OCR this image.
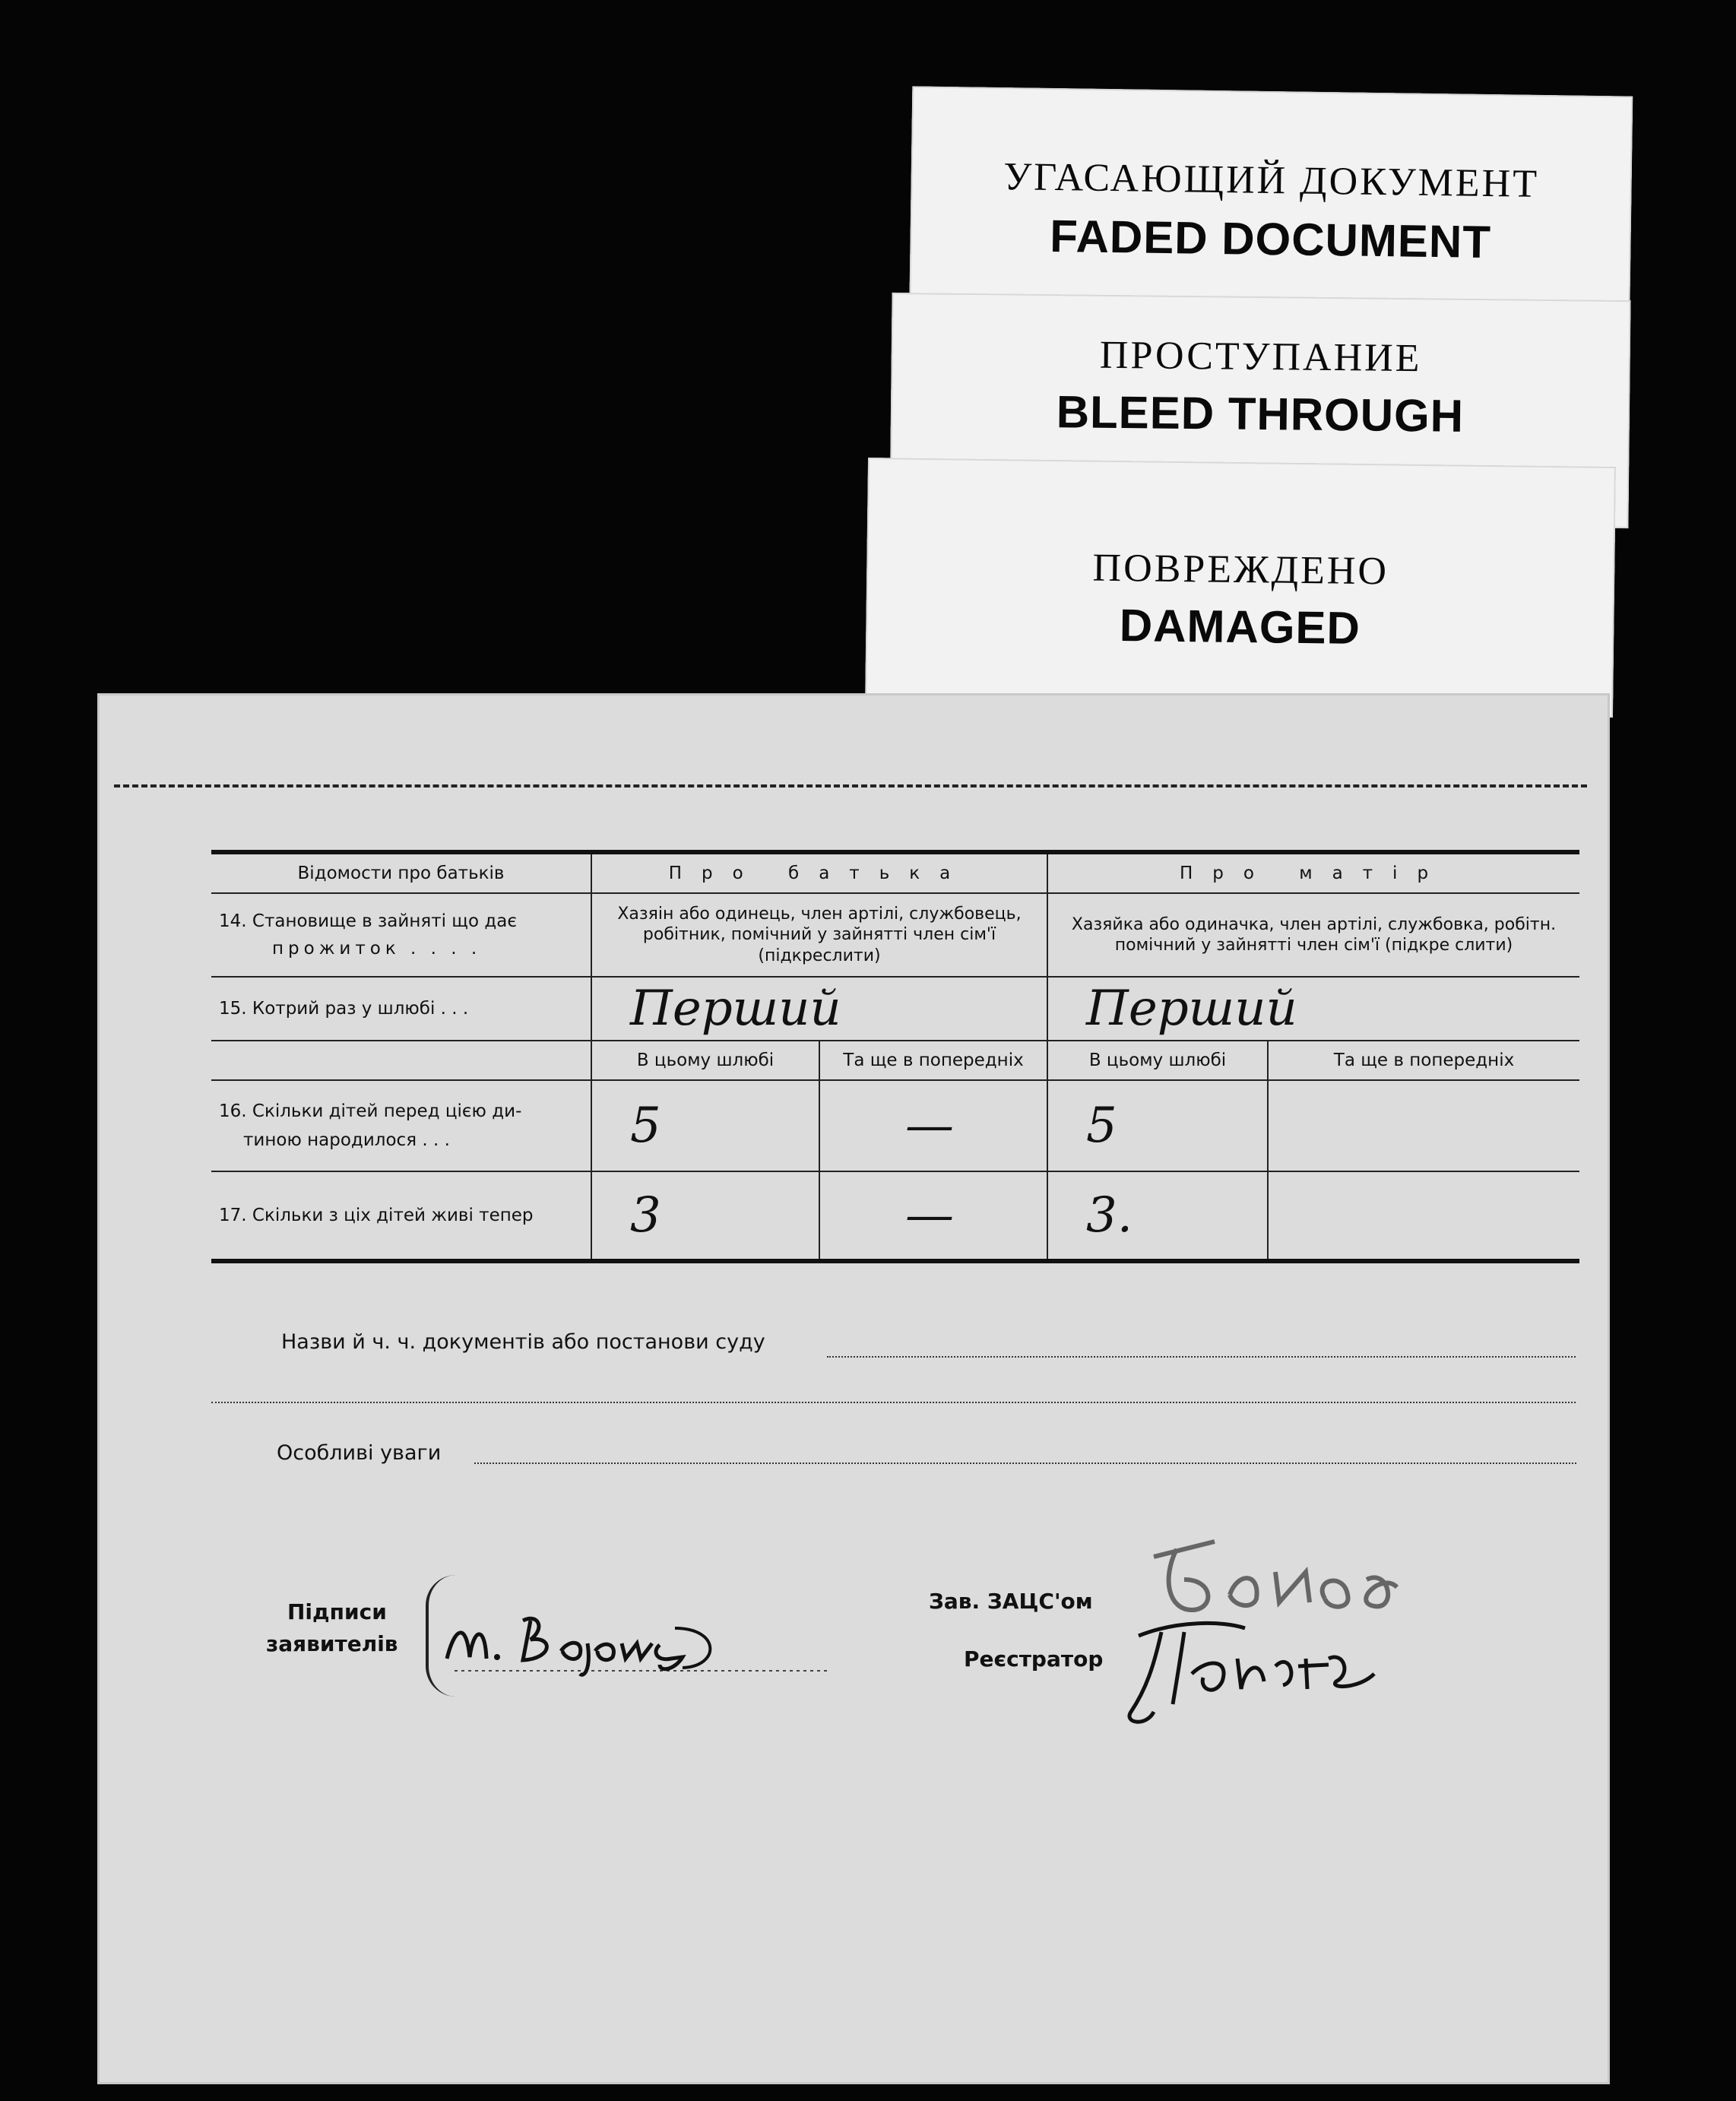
УГАСАЮЩИЙ ДОКУМЕНТ
FADED DOCUMENT
ПРОСТУПАНИЕ
BLEED THROUGH
ПОВРЕЖДЕНО
DAMAGED
Відомости про батьків	Про батька		Про матір	

14. Становище в зайняті що дає
прожиток . . . .	Хазяін або одинець, член артілі, службовець, робітник, помічний у зайнятті член сім'ї (підкреслити)		Хазяйка або одиначка, член артілі, службовка, робітн. помічний у зайнятті член сім'ї (підкре слити)	
15. Котрий раз у шлюбі . . .	Перший		Перший	
	В цьому шлюбі	Та ще в попередніх	В цьому шлюбі	Та ще в попередніх

16. Скільки дітей перед цією ди-
тиною народилося . . .	5	—	5	
17. Скільки з ціх дітей живі тепер	3	—	3.	
Назви й ч. ч. документів або постанови суду
Особливі уваги
Підписи
заявителів
Зав. ЗАЦС'ом
Реєстратор
